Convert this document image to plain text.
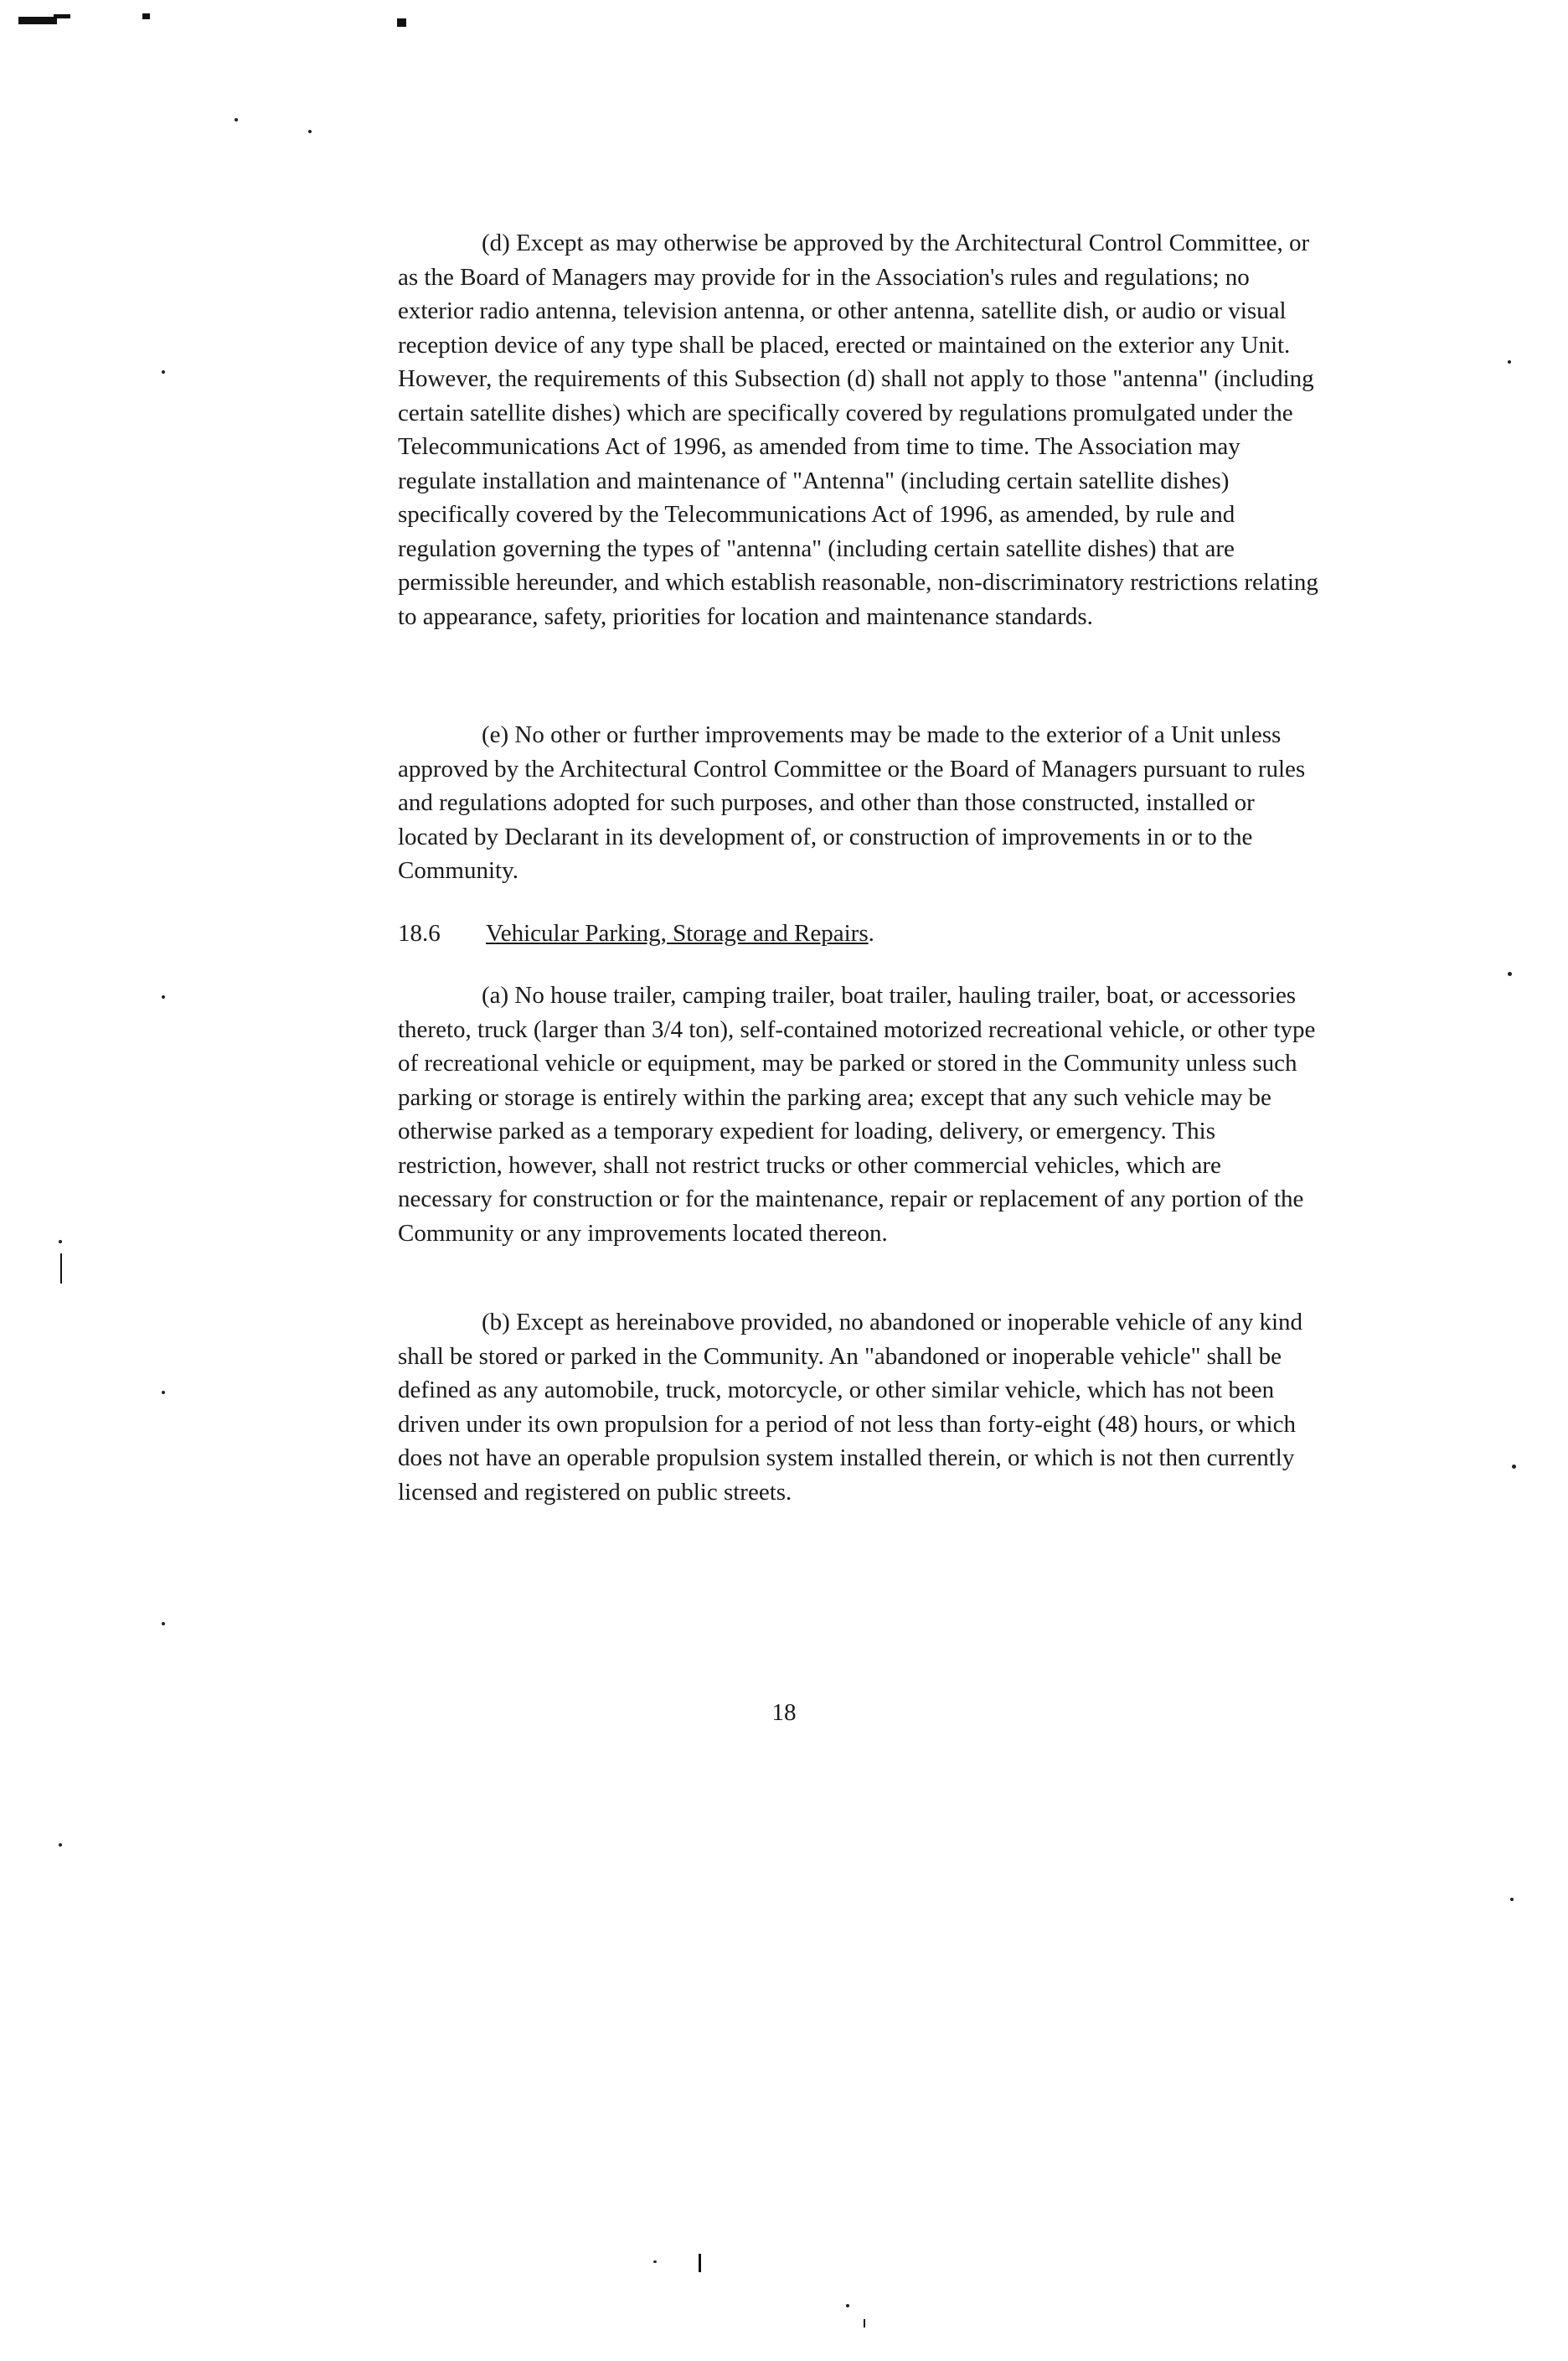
(d) Except as may otherwise be approved by the Architectural Control Committee, or as the Board of Managers may provide for in the Association's rules and regulations; no exterior radio antenna, television antenna, or other antenna, satellite dish, or audio or visual reception device of any type shall be placed, erected or maintained on the exterior any Unit. However, the requirements of this Subsection (d) shall not apply to those "antenna" (including certain satellite dishes) which are specifically covered by regulations promulgated under the Telecommunications Act of 1996, as amended from time to time. The Association may regulate installation and maintenance of "Antenna" (including certain satellite dishes) specifically covered by the Telecommunications Act of 1996, as amended, by rule and regulation governing the types of "antenna" (including certain satellite dishes) that are permissible hereunder, and which establish reasonable, non-discriminatory restrictions relating to appearance, safety, priorities for location and maintenance standards.

(e) No other or further improvements may be made to the exterior of a Unit unless approved by the Architectural Control Committee or the Board of Managers pursuant to rules and regulations adopted for such purposes, and other than those constructed, installed or located by Declarant in its development of, or construction of improvements in or to the Community.

18.6 Vehicular Parking, Storage and Repairs.

(a) No house trailer, camping trailer, boat trailer, hauling trailer, boat, or accessories thereto, truck (larger than 3/4 ton), self-contained motorized recreational vehicle, or other type of recreational vehicle or equipment, may be parked or stored in the Community unless such parking or storage is entirely within the parking area; except that any such vehicle may be otherwise parked as a temporary expedient for loading, delivery, or emergency. This restriction, however, shall not restrict trucks or other commercial vehicles, which are necessary for construction or for the maintenance, repair or replacement of any portion of the Community or any improvements located thereon.

(b) Except as hereinabove provided, no abandoned or inoperable vehicle of any kind shall be stored or parked in the Community. An "abandoned or inoperable vehicle" shall be defined as any automobile, truck, motorcycle, or other similar vehicle, which has not been driven under its own propulsion for a period of not less than forty-eight (48) hours, or which does not have an operable propulsion system installed therein, or which is not then currently licensed and registered on public streets.

18
